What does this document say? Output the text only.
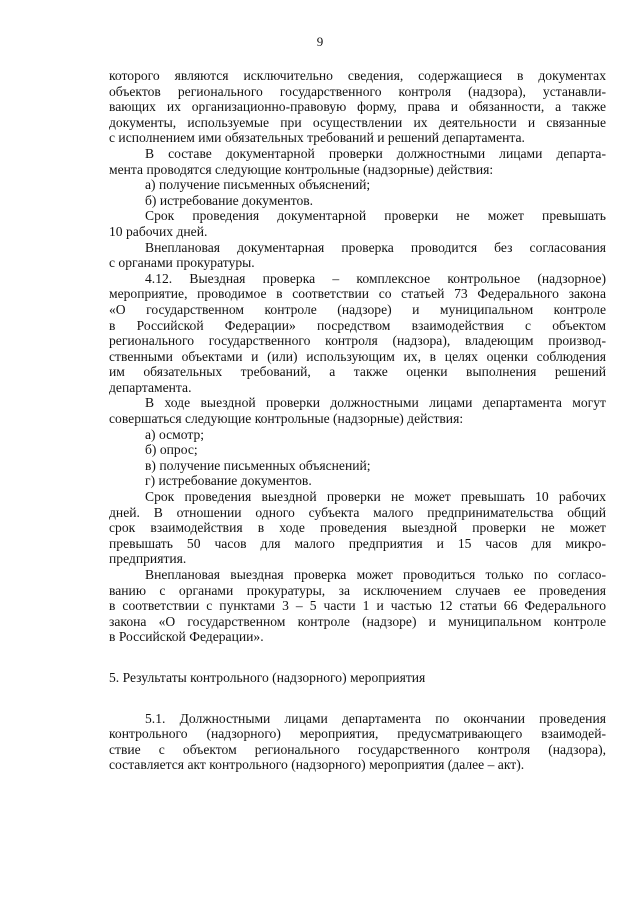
9

которого являются исключительно сведения, содержащиеся в документах
объектов регионального государственного контроля (надзора), устанавли-
вающих их организационно-правовую форму, права и обязанности, а также
документы, используемые при осуществлении их деятельности и связанные
с исполнением ими обязательных требований и решений департамента.

В составе документарной проверки должностными лицами департа-
мента проводятся следующие контрольные (надзорные) действия:

а) получение письменных объяснений;

б) истребование документов.

Срок проведения документарной проверки не может превышать
10 рабочих дней.

Внеплановая документарная проверка проводится без согласования
с органами прокуратуры.

4.12. Выездная проверка – комплексное контрольное (надзорное)
мероприятие, проводимое в соответствии со статьей 73 Федерального закона
«О государственном контроле (надзоре) и муниципальном контроле
в Российской Федерации» посредством взаимодействия с объектом
регионального государственного контроля (надзора), владеющим производ-
ственными объектами и (или) использующим их, в целях оценки соблюдения
им обязательных требований, а также оценки выполнения решений
департамента.

В ходе выездной проверки должностными лицами департамента могут
совершаться следующие контрольные (надзорные) действия:

а) осмотр;

б) опрос;

в) получение письменных объяснений;

г) истребование документов.

Срок проведения выездной проверки не может превышать 10 рабочих
дней. В отношении одного субъекта малого предпринимательства общий
срок взаимодействия в ходе проведения выездной проверки не может
превышать 50 часов для малого предприятия и 15 часов для микро-
предприятия.

Внеплановая выездная проверка может проводиться только по согласо-
ванию с органами прокуратуры, за исключением случаев ее проведения
в соответствии с пунктами 3 – 5 части 1 и частью 12 статьи 66 Федерального
закона «О государственном контроле (надзоре) и муниципальном контроле
в Российской Федерации».

5. Результаты контрольного (надзорного) мероприятия

5.1. Должностными лицами департамента по окончании проведения
контрольного (надзорного) мероприятия, предусматривающего взаимодей-
ствие с объектом регионального государственного контроля (надзора),
составляется акт контрольного (надзорного) мероприятия (далее – акт).
